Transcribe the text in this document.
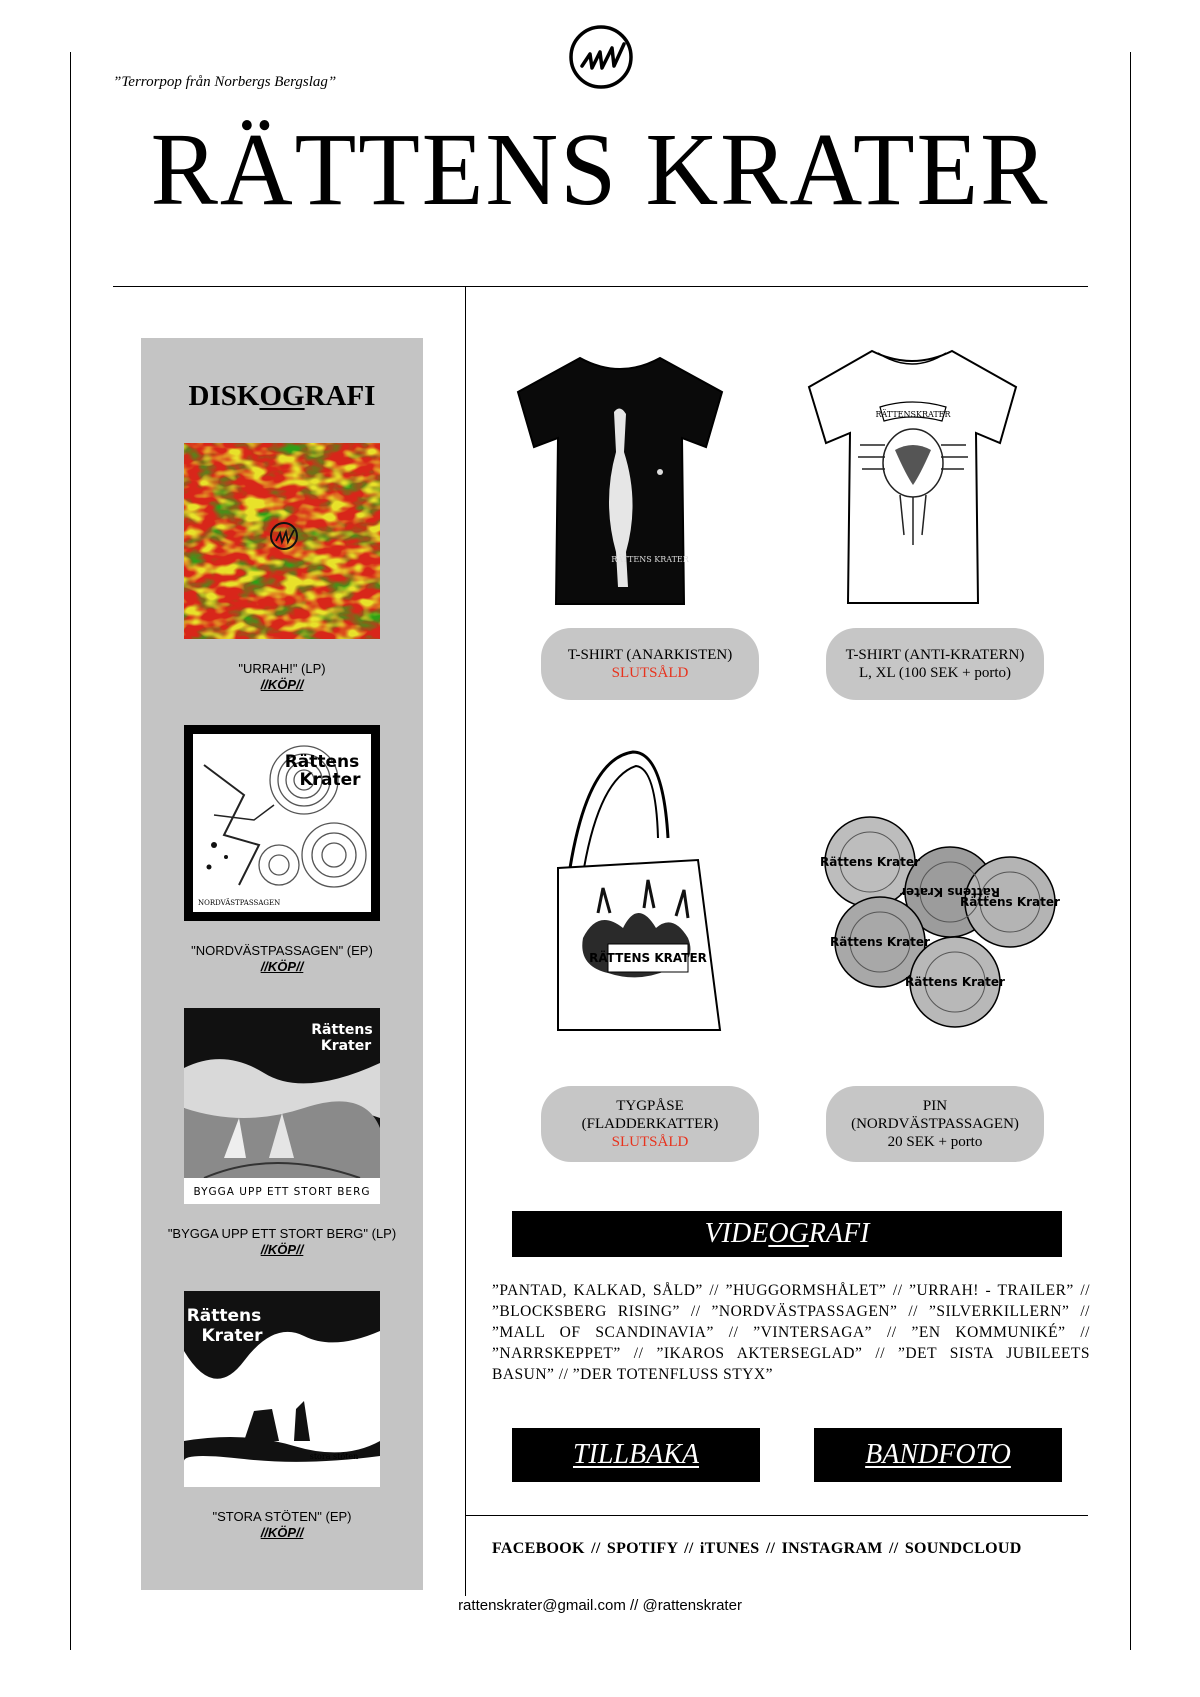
”Terrorpop från Norbergs Bergslag”
RÄTTENS KRATER
DISKOGRAFI
"URRAH!" (LP)
//KÖP//
Rättens
Krater
NORDVÄSTPASSAGEN
"NORDVÄSTPASSAGEN" (EP)
//KÖP//
BYGGA UPP ETT STORT BERG
Rättens
Krater
"BYGGA UPP ETT STORT BERG" (LP)
//KÖP//
Rättens
Krater
stora stöten
"STORA STÖTEN" (EP)
//KÖP//
RÄTTENS KRATER
T-SHIRT (ANARKISTEN)
SLUTSÅLD
RÄTTENSKRATER
T-SHIRT (ANTI-KRATERN)
L, XL (100 SEK + porto)
RÄTTENS KRATER
TYGPÅSE
(FLADDERKATTER)
SLUTSÅLD
Rättens Krater
Rättens Krater
Rättens Krater
Rättens Krater
Rättens Krater
PIN
(NORDVÄSTPASSAGEN)
20 SEK + porto
VIDEOGRAFI
”PANTAD, KALKAD, SÅLD” // ”HUGGORMSHÅLET” // ”URRAH! - TRAILER” // ”BLOCKSBERG RISING” // ”NORDVÄSTPASSAGEN” // ”SILVERKILLERN” // ”MALL OF SCANDINAVIA” // ”VINTERSAGA” // ”EN KOMMUNIKÉ” // ”NARRSKEPPET” // ”IKAROS AKTERSEGLAD” // ”DET SISTA JUBILEETS BASUN” // ”DER TOTENFLUSS STYX”
TILLBAKA	BANDFOTO
FACEBOOK // SPOTIFY // iTUNES // INSTAGRAM // SOUNDCLOUD
rattenskrater@gmail.com // @rattenskrater
